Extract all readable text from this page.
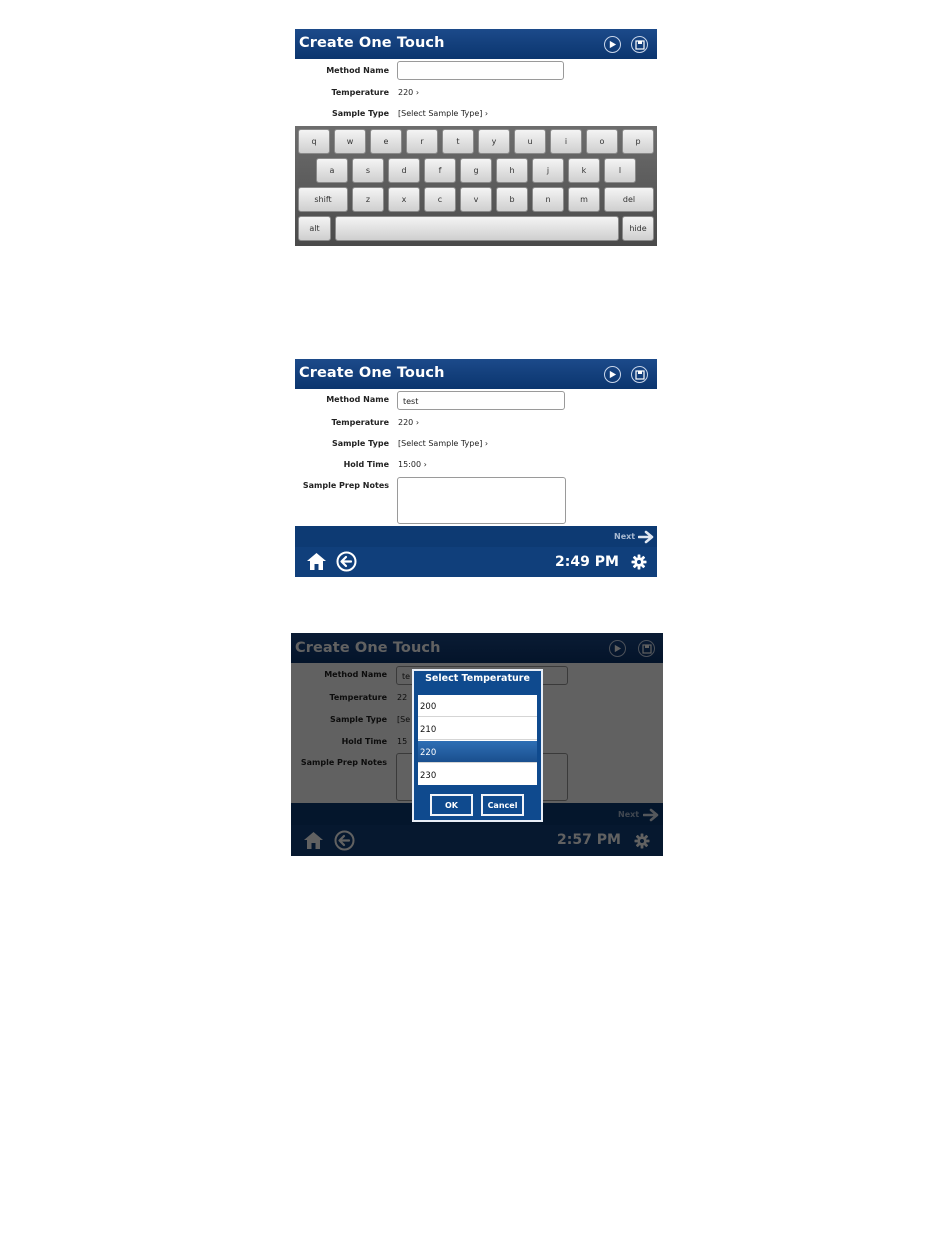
Create One Touch
Method Name
Temperature 220 ›
Sample Type [Select Sample Type] ›
q	w	e	r	t	y	u	i	o	p
a	s	d	f	g	h	j	k	l
shift	z	x	c	v	b	n	m	del
alt	hide
Create One Touch
Method Name	test
Temperature 220 ›
Sample Type [Select Sample Type] ›
Hold Time 15:00 ›
Sample Prep Notes
Next
2:49 PM
Select Temperature
200
210
220
230
OK	Cancel
